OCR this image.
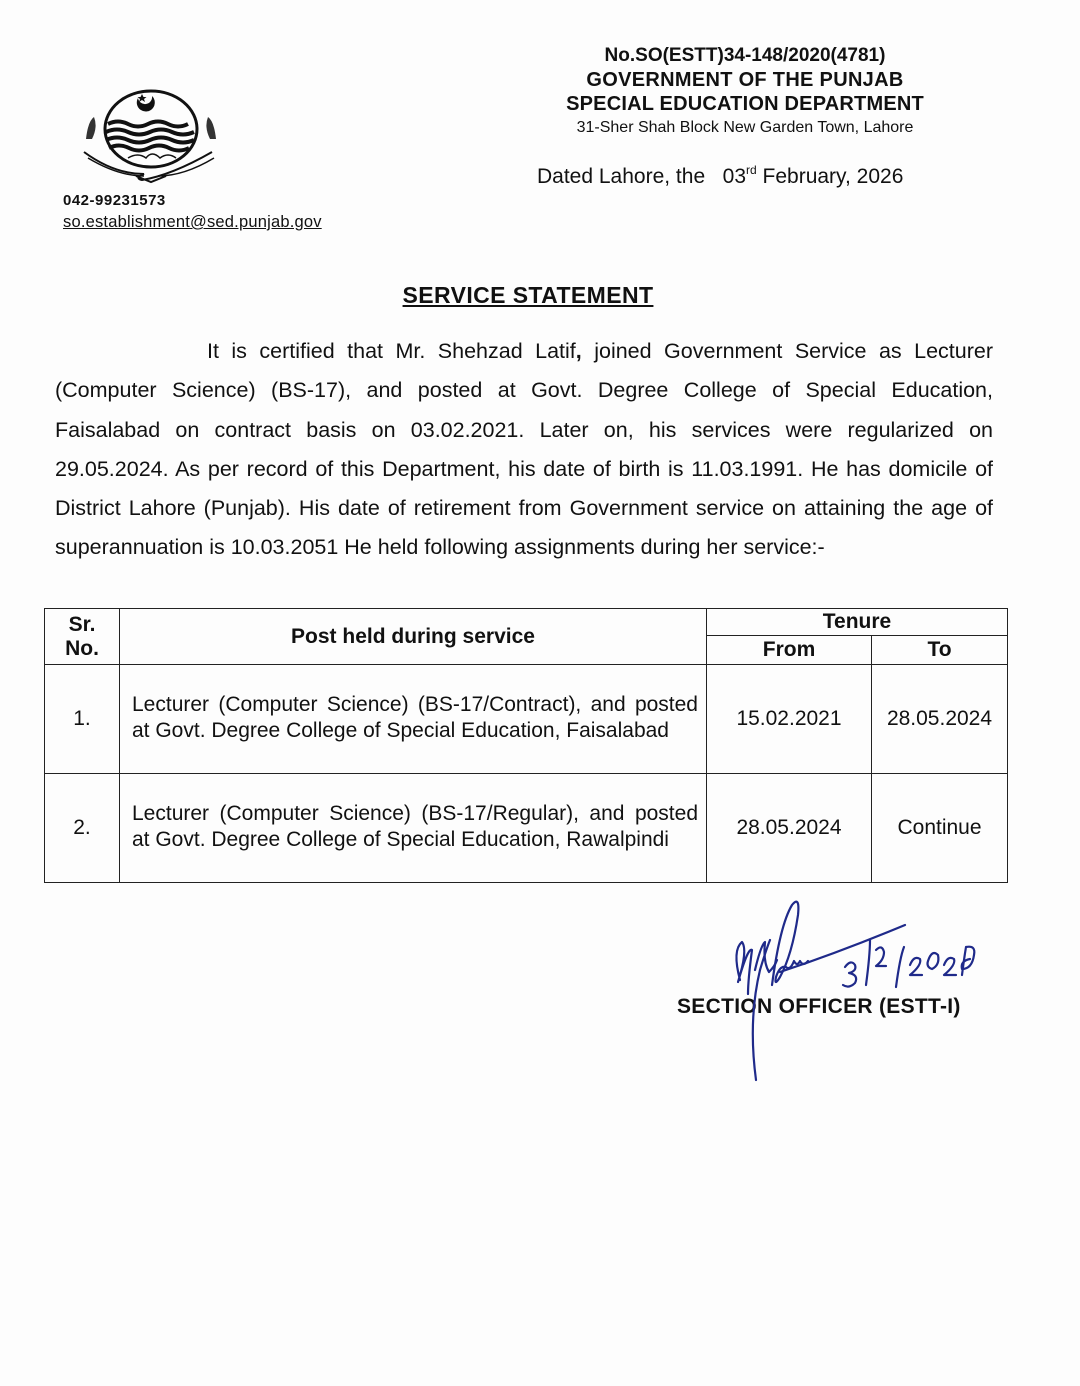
042-99231573
so.establishment@sed.punjab.gov
No.SO(ESTT)34-148/2020(4781)
GOVERNMENT OF THE PUNJAB
SPECIAL EDUCATION DEPARTMENT
31-Sher Shah Block New Garden Town, Lahore
Dated Lahore, the 03rd February, 2026
SERVICE STATEMENT
It is certified that Mr. Shehzad Latif, joined Government Service as Lecturer (Computer Science) (BS-17), and posted at Govt. Degree College of Special Education, Faisalabad on contract basis on 03.02.2021. Later on, his services were regularized on 29.05.2024. As per record of this Department, his date of birth is 11.03.1991. He has domicile of District Lahore (Punjab). His date of retirement from Government service on attaining the age of superannuation is 10.03.2051 He held following assignments during her service:-
Sr.
No.	Post held during service	Tenure	
		From	To
1.	Lecturer (Computer Science) (BS-17/Contract), and posted at Govt. Degree College of Special Education, Faisalabad	15.02.2021	28.05.2024
2.	Lecturer (Computer Science) (BS-17/Regular), and posted at Govt. Degree College of Special Education, Rawalpindi	28.05.2024	Continue
SECTION OFFICER (ESTT-I)
